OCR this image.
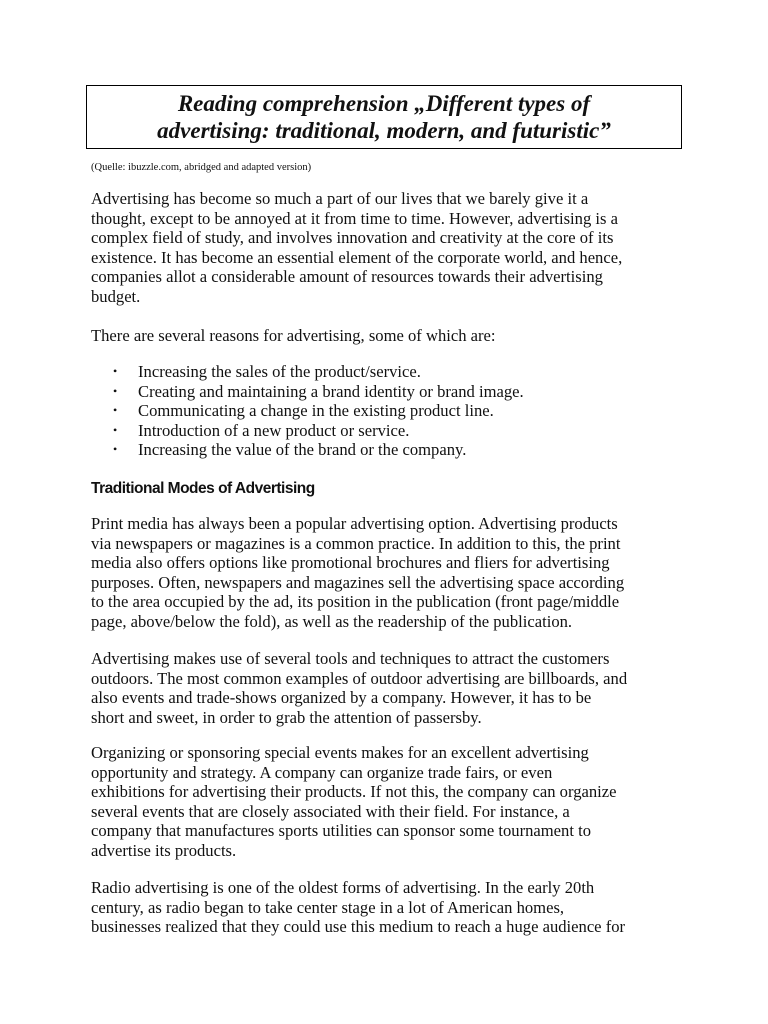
Reading comprehension „Different types of
advertising: traditional, modern, and futuristic”
(Quelle: ibuzzle.com, abridged and adapted version)
Advertising has become so much a part of our lives that we barely give it a
thought, except to be annoyed at it from time to time. However, advertising is a
complex field of study, and involves innovation and creativity at the core of its
existence. It has become an essential element of the corporate world, and hence,
companies allot a considerable amount of resources towards their advertising
budget.
There are several reasons for advertising, some of which are:
• Increasing the sales of the product/service.
• Creating and maintaining a brand identity or brand image.
• Communicating a change in the existing product line.
• Introduction of a new product or service.
• Increasing the value of the brand or the company.
Traditional Modes of Advertising
Print media has always been a popular advertising option. Advertising products
via newspapers or magazines is a common practice. In addition to this, the print
media also offers options like promotional brochures and fliers for advertising
purposes. Often, newspapers and magazines sell the advertising space according
to the area occupied by the ad, its position in the publication (front page/middle
page, above/below the fold), as well as the readership of the publication.
Advertising makes use of several tools and techniques to attract the customers
outdoors. The most common examples of outdoor advertising are billboards, and
also events and trade-shows organized by a company. However, it has to be
short and sweet, in order to grab the attention of passersby.
Organizing or sponsoring special events makes for an excellent advertising
opportunity and strategy. A company can organize trade fairs, or even
exhibitions for advertising their products. If not this, the company can organize
several events that are closely associated with their field. For instance, a
company that manufactures sports utilities can sponsor some tournament to
advertise its products.
Radio advertising is one of the oldest forms of advertising. In the early 20th
century, as radio began to take center stage in a lot of American homes,
businesses realized that they could use this medium to reach a huge audience for
